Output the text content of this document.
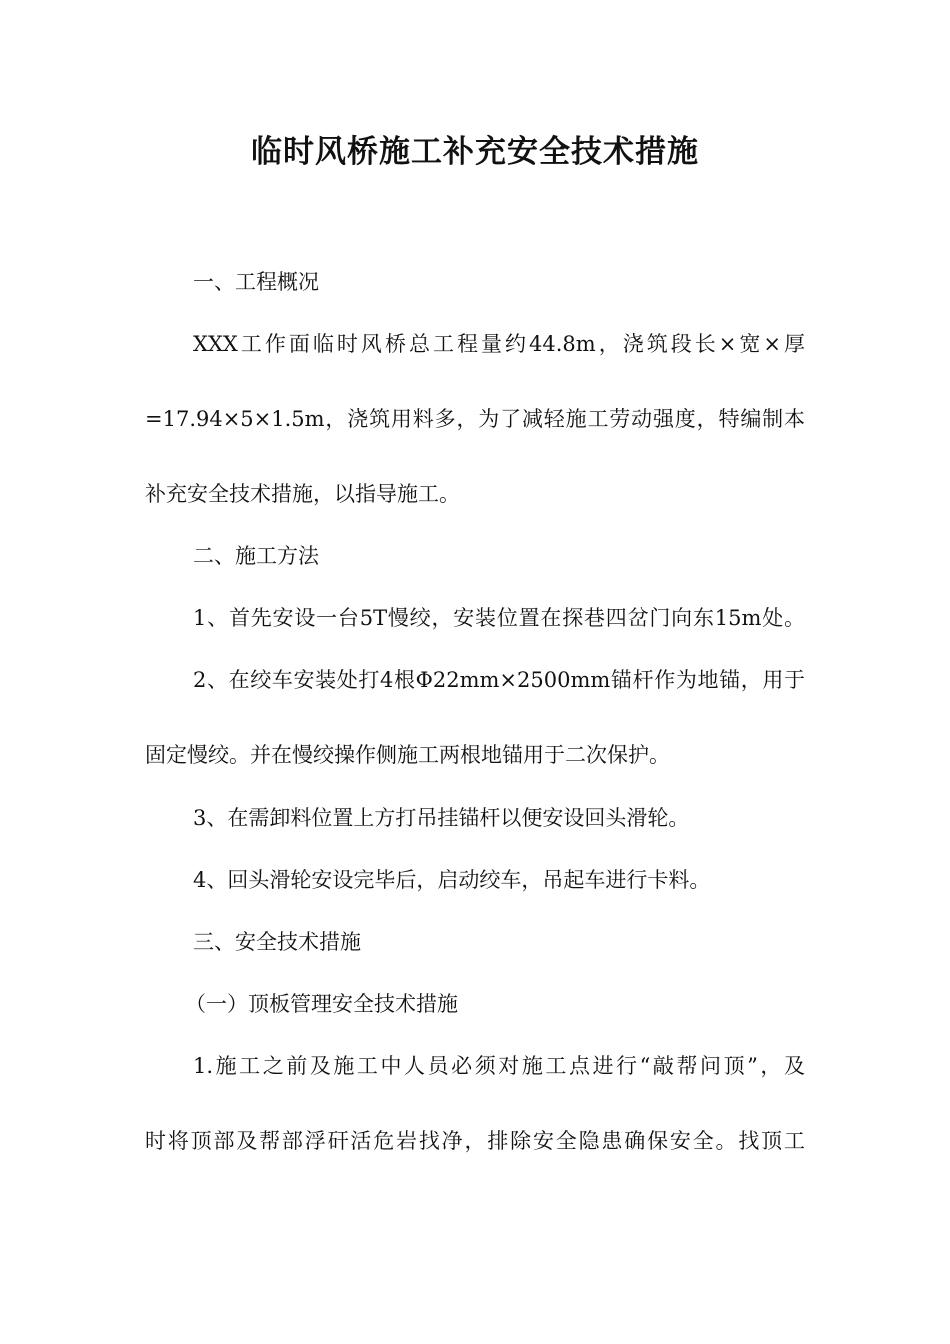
临时风桥施工补充安全技术措施
一、工程概况
XXX工作面临时风桥总工程量约44.8m，浇筑段长×宽×厚
=17.94×5×1.5m，浇筑用料多，为了减轻施工劳动强度，特编制本
补充安全技术措施，以指导施工。
二、施工方法
1、首先安设一台5T慢绞，安装位置在探巷四岔门向东15m处。
2、在绞车安装处打4根Φ22mm×2500mm锚杆作为地锚，用于
固定慢绞。并在慢绞操作侧施工两根地锚用于二次保护。
3、在需卸料位置上方打吊挂锚杆以便安设回头滑轮。
4、回头滑轮安设完毕后，启动绞车，吊起车进行卡料。
三、安全技术措施
（一）顶板管理安全技术措施
1.施工之前及施工中人员必须对施工点进行“敲帮问顶”，及
时将顶部及帮部浮矸活危岩找净，排除安全隐患确保安全。找顶工
